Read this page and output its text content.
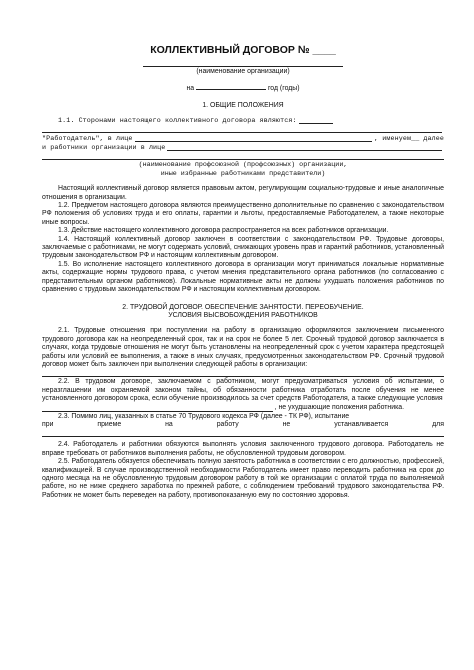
КОЛЛЕКТИВНЫЙ ДОГОВОР № ____
(наименование организации)
на	год (годы)
1. ОБЩИЕ ПОЛОЖЕНИЯ
1.1. Сторонами настоящего коллективного договора являются:
"Работодатель", в лице	, именуем__ далее
и работники организации в лице
(наименование профсоюзной (профсоюзных) организации,
иные избранные работниками представители)

Настоящий коллективный договор является правовым актом, регулирующим социально-трудовые и иные аналогичные отношения в организации.

1.2. Предметом настоящего договора являются преимущественно дополнительные по сравнению с законодательством РФ положения об условиях труда и его оплаты, гарантии и льготы, предоставляемые Работодателем, а также некоторые иные вопросы.

1.3. Действие настоящего коллективного договора распространяется на всех работников организации.

1.4. Настоящий коллективный договор заключен в соответствии с законодательством РФ. Трудовые договоры, заключаемые с работниками, не могут содержать условий, снижающих уровень прав и гарантий работников, установленный трудовым законодательством РФ и настоящим коллективным договором.

1.5. Во исполнение настоящего коллективного договора в организации могут приниматься локальные нормативные акты, содержащие нормы трудового права, с учетом мнения представительного органа работников (по согласованию с представительным органом работников). Локальные нормативные акты не должны ухудшать положения работников по сравнению с трудовым законодательством РФ и настоящим коллективным договором.

2. ТРУДОВОЙ ДОГОВОР. ОБЕСПЕЧЕНИЕ ЗАНЯТОСТИ. ПЕРЕОБУЧЕНИЕ.
УСЛОВИЯ ВЫСВОБОЖДЕНИЯ РАБОТНИКОВ

2.1. Трудовые отношения при поступлении на работу в организацию оформляются заключением письменного трудового договора как на неопределенный срок, так и на срок не более 5 лет. Срочный трудовой договор заключается в случаях, когда трудовые отношения не могут быть установлены на неопределенный срок с учетом характера предстоящей работы или условий ее выполнения, а также в иных случаях, предусмотренных законодательством РФ. Срочный трудовой договор может быть заключен при выполнении следующей работы в организации:

2.2. В трудовом договоре, заключаемом с работником, могут предусматриваться условия об испытании, о неразглашении им охраняемой законом тайны, об обязанности работника отработать после обучения не менее установленного договором срока, если обучение производилось за счет средств Работодателя, а также следующие условия

, не ухудшающие положения работника.

2.3. Помимо лиц, указанных в статье 70 Трудового кодекса РФ (далее - ТК РФ), испытание

при	приеме	на	работу	не	устанавливается	для

2.4. Работодатель и работники обязуются выполнять условия заключенного трудового договора. Работодатель не вправе требовать от работников выполнения работы, не обусловленной трудовым договором.

2.5. Работодатель обязуется обеспечивать полную занятость работника в соответствии с его должностью, профессией, квалификацией. В случае производственной необходимости Работодатель имеет право переводить работника на срок до одного месяца на не обусловленную трудовым договором работу в той же организации с оплатой труда по выполняемой работе, но не ниже среднего заработка по прежней работе, с соблюдением требований трудового законодательства РФ. Работник не может быть переведен на работу, противопоказанную ему по состоянию здоровья.
